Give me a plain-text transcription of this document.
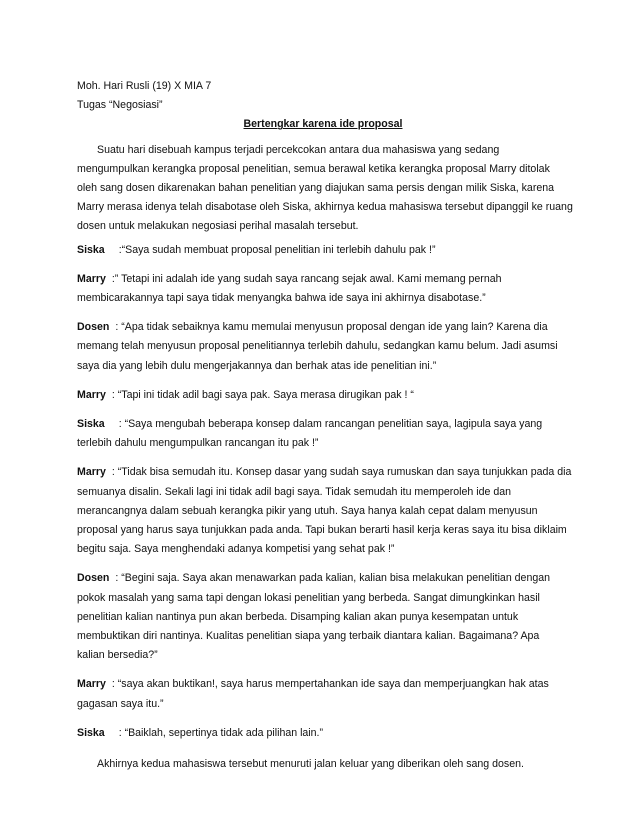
Moh. Hari Rusli (19) X MIA 7
Tugas “Negosiasi”
Bertengkar karena ide proposal
Suatu hari disebuah kampus terjadi percekcokan antara dua mahasiswa yang sedang
mengumpulkan kerangka proposal penelitian, semua berawal ketika kerangka proposal Marry ditolak
oleh sang dosen dikarenakan bahan penelitian yang diajukan sama persis dengan milik Siska, karena
Marry merasa idenya telah disabotase oleh Siska, akhirnya kedua mahasiswa tersebut dipanggil ke ruang
dosen untuk melakukan negosiasi perihal masalah tersebut.
Siska :“Saya sudah membuat proposal penelitian ini terlebih dahulu pak !”
Marry :” Tetapi ini adalah ide yang sudah saya rancang sejak awal. Kami memang pernah
membicarakannya tapi saya tidak menyangka bahwa ide saya ini akhirnya disabotase.”
Dosen : “Apa tidak sebaiknya kamu memulai menyusun proposal dengan ide yang lain? Karena dia
memang telah menyusun proposal penelitiannya terlebih dahulu, sedangkan kamu belum. Jadi asumsi
saya dia yang lebih dulu mengerjakannya dan berhak atas ide penelitian ini.”
Marry : “Tapi ini tidak adil bagi saya pak. Saya merasa dirugikan pak ! “
Siska : “Saya mengubah beberapa konsep dalam rancangan penelitian saya, lagipula saya yang
terlebih dahulu mengumpulkan rancangan itu pak !”
Marry : “Tidak bisa semudah itu. Konsep dasar yang sudah saya rumuskan dan saya tunjukkan pada dia
semuanya disalin. Sekali lagi ini tidak adil bagi saya. Tidak semudah itu memperoleh ide dan
merancangnya dalam sebuah kerangka pikir yang utuh. Saya hanya kalah cepat dalam menyusun
proposal yang harus saya tunjukkan pada anda. Tapi bukan berarti hasil kerja keras saya itu bisa diklaim
begitu saja. Saya menghendaki adanya kompetisi yang sehat pak !”
Dosen : “Begini saja. Saya akan menawarkan pada kalian, kalian bisa melakukan penelitian dengan
pokok masalah yang sama tapi dengan lokasi penelitian yang berbeda. Sangat dimungkinkan hasil
penelitian kalian nantinya pun akan berbeda. Disamping kalian akan punya kesempatan untuk
membuktikan diri nantinya. Kualitas penelitian siapa yang terbaik diantara kalian. Bagaimana? Apa
kalian bersedia?”
Marry : “saya akan buktikan!, saya harus mempertahankan ide saya dan memperjuangkan hak atas
gagasan saya itu.”
Siska : “Baiklah, sepertinya tidak ada pilihan lain.”
Akhirnya kedua mahasiswa tersebut menuruti jalan keluar yang diberikan oleh sang dosen.
